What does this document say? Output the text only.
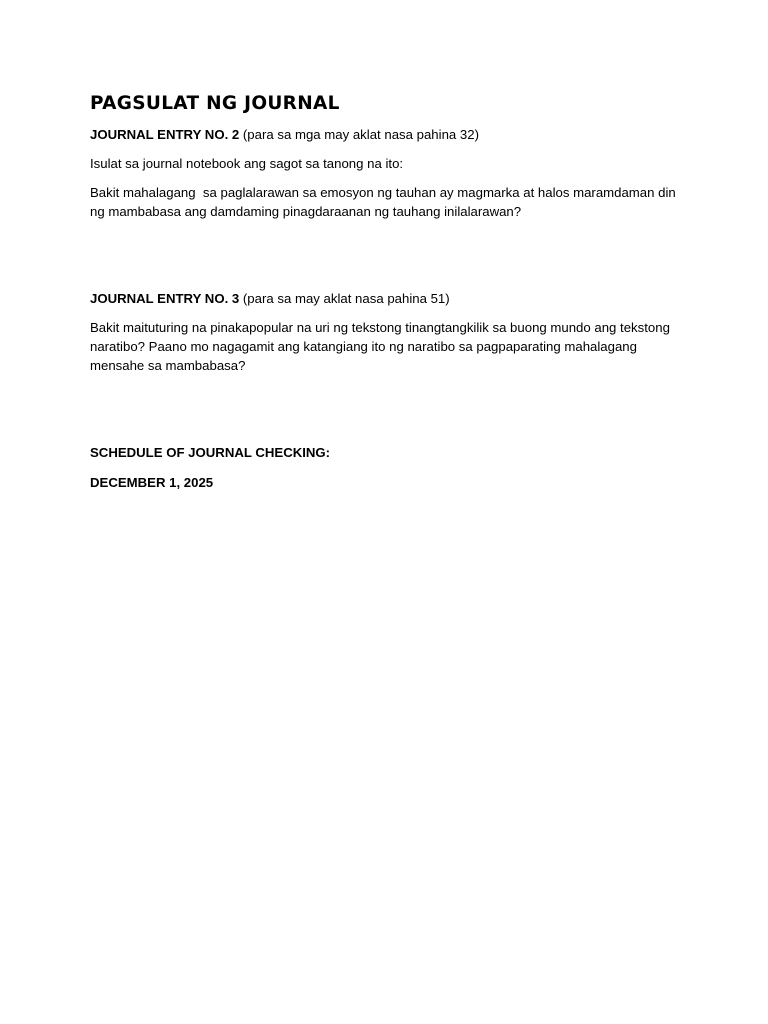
PAGSULAT NG JOURNAL

JOURNAL ENTRY NO. 2 (para sa mga may aklat nasa pahina 32)

Isulat sa journal notebook ang sagot sa tanong na ito:

Bakit mahalagang  sa paglalarawan sa emosyon ng tauhan ay magmarka at halos maramdaman din ng mambabasa ang damdaming pinagdaraanan ng tauhang inilalarawan?

JOURNAL ENTRY NO. 3 (para sa may aklat nasa pahina 51)

Bakit maituturing na pinakapopular na uri ng tekstong tinangtangkilik sa buong mundo ang tekstong naratibo? Paano mo nagagamit ang katangiang ito ng naratibo sa pagpaparating mahalagang mensahe sa mambabasa?

SCHEDULE OF JOURNAL CHECKING:

DECEMBER 1, 2025
